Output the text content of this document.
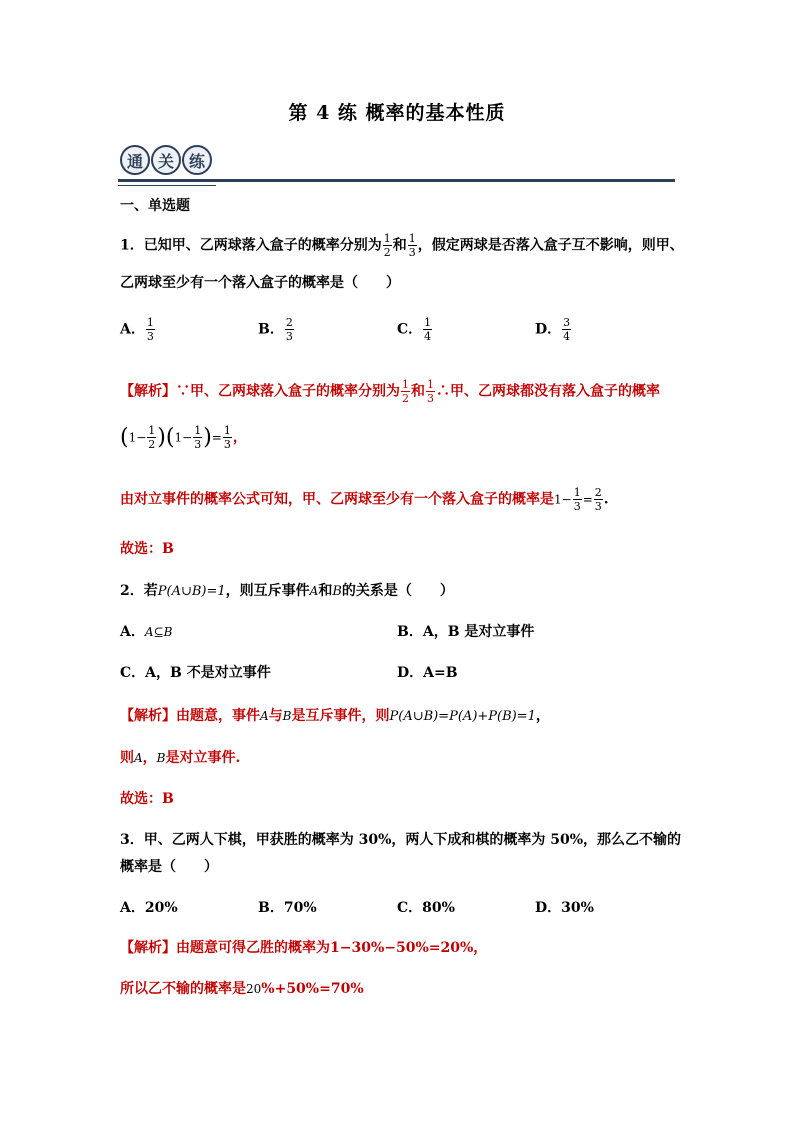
第 4 练 概率的基本性质
通 关 练
一、单选题
1．已知甲、乙两球落入盒子的概率分别为 $\frac{1}{2}$ 和 $\frac{1}{3}$ ，假定两球是否落入盒子互不影响，则甲、
乙两球至少有一个落入盒子的概率是（　　）
A． $\frac{1}{3}$	B． $\frac{2}{3}$	C． $\frac{1}{4}$	D． $\frac{3}{4}$
【解析】∵甲、乙两球落入盒子的概率分别为 $\frac{1}{2}$ 和 $\frac{1}{3}$ ∴甲、乙两球都没有落入盒子的概率
$(1- \frac{1}{2} )(1- \frac{1}{3}$ )= $\frac{1}{3}$ ，
由对立事件的概率公式可知，甲、乙两球至少有一个落入盒子的概率是$1- \frac{1}{3} = \frac{2}{3}$ .
故选：B
2．若P(A∪B)=1，则互斥事件A和B的关系是（　　）
A．A⊆B	B．A，B 是对立事件
C．A，B 不是对立事件	D．A=B
【解析】由题意，事件A与B是互斥事件，则P(A∪B)=P(A)+P(B)=1，
则A，B是对立事件.
故选：B
3．甲、乙两人下棋，甲获胜的概率为 30%，两人下成和棋的概率为 50%，那么乙不输的
概率是（　　）
A．20%	B．70%	C．80%	D．30%
【解析】由题意可得乙胜的概率为1−30%−50%=20%，
所以乙不输的概率是20%+50%=70%
